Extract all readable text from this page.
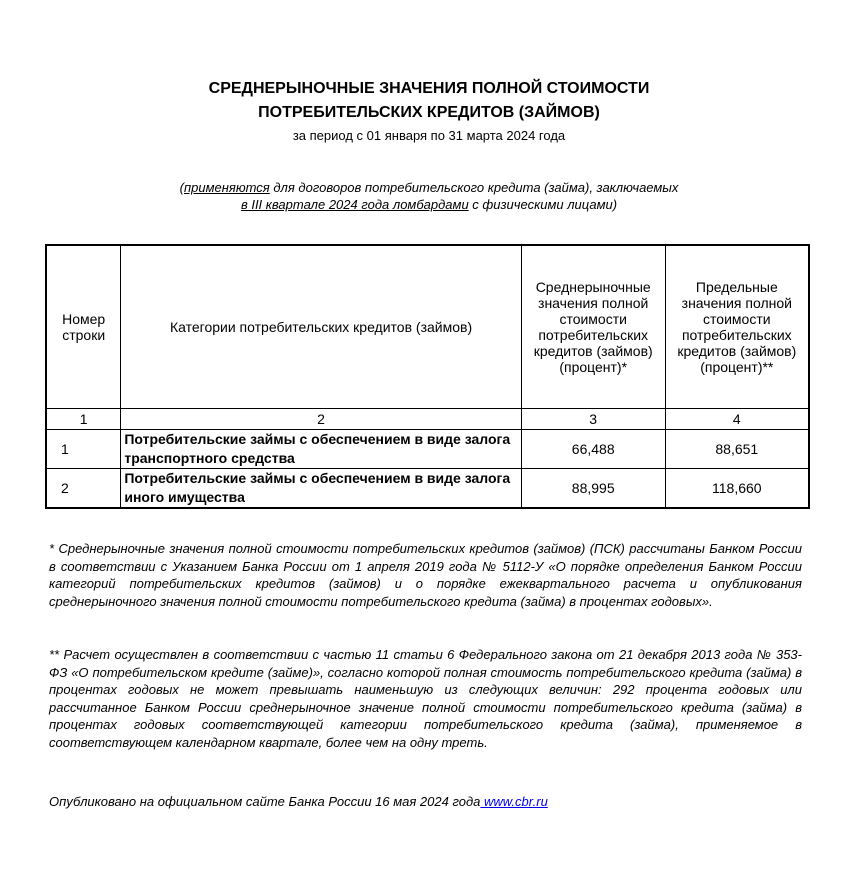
СРЕДНЕРЫНОЧНЫЕ ЗНАЧЕНИЯ ПОЛНОЙ СТОИМОСТИ
ПОТРЕБИТЕЛЬСКИХ КРЕДИТОВ (ЗАЙМОВ)
за период с 01 января по 31 марта 2024 года
(применяются для договоров потребительского кредита (займа), заключаемых
в III квартале 2024 года ломбардами с физическими лицами)
Номер строки	Категории потребительских кредитов (займов)	Среднерыночные значения полной стоимости потребительских кредитов (займов) (процент)*	Предельные значения полной стоимости потребительских кредитов (займов) (процент)**
1	2	3	4
1	Потребительские займы с обеспечением в виде залога транспортного средства	66,488	88,651
2	Потребительские займы с обеспечением в виде залога иного имущества	88,995	118,660
* Среднерыночные значения полной стоимости потребительских кредитов (займов) (ПСК) рассчитаны Банком России в соответствии с Указанием Банка России от 1 апреля 2019 года № 5112-У «О порядке определения Банком России категорий потребительских кредитов (займов) и о порядке ежеквартального расчета и опубликования среднерыночного значения полной стоимости потребительского кредита (займа) в процентах годовых».
** Расчет осуществлен в соответствии с частью 11 статьи 6 Федерального закона от 21 декабря 2013 года № 353-ФЗ «О потребительском кредите (займе)», согласно которой полная стоимость потребительского кредита (займа) в процентах годовых не может превышать наименьшую из следующих величин: 292 процента годовых или рассчитанное Банком России среднерыночное значение полной стоимости потребительского кредита (займа) в процентах годовых соответствующей категории потребительского кредита (займа), применяемое в соответствующем календарном квартале, более чем на одну треть.
Опубликовано на официальном сайте Банка России 16 мая 2024 года www.cbr.ru
